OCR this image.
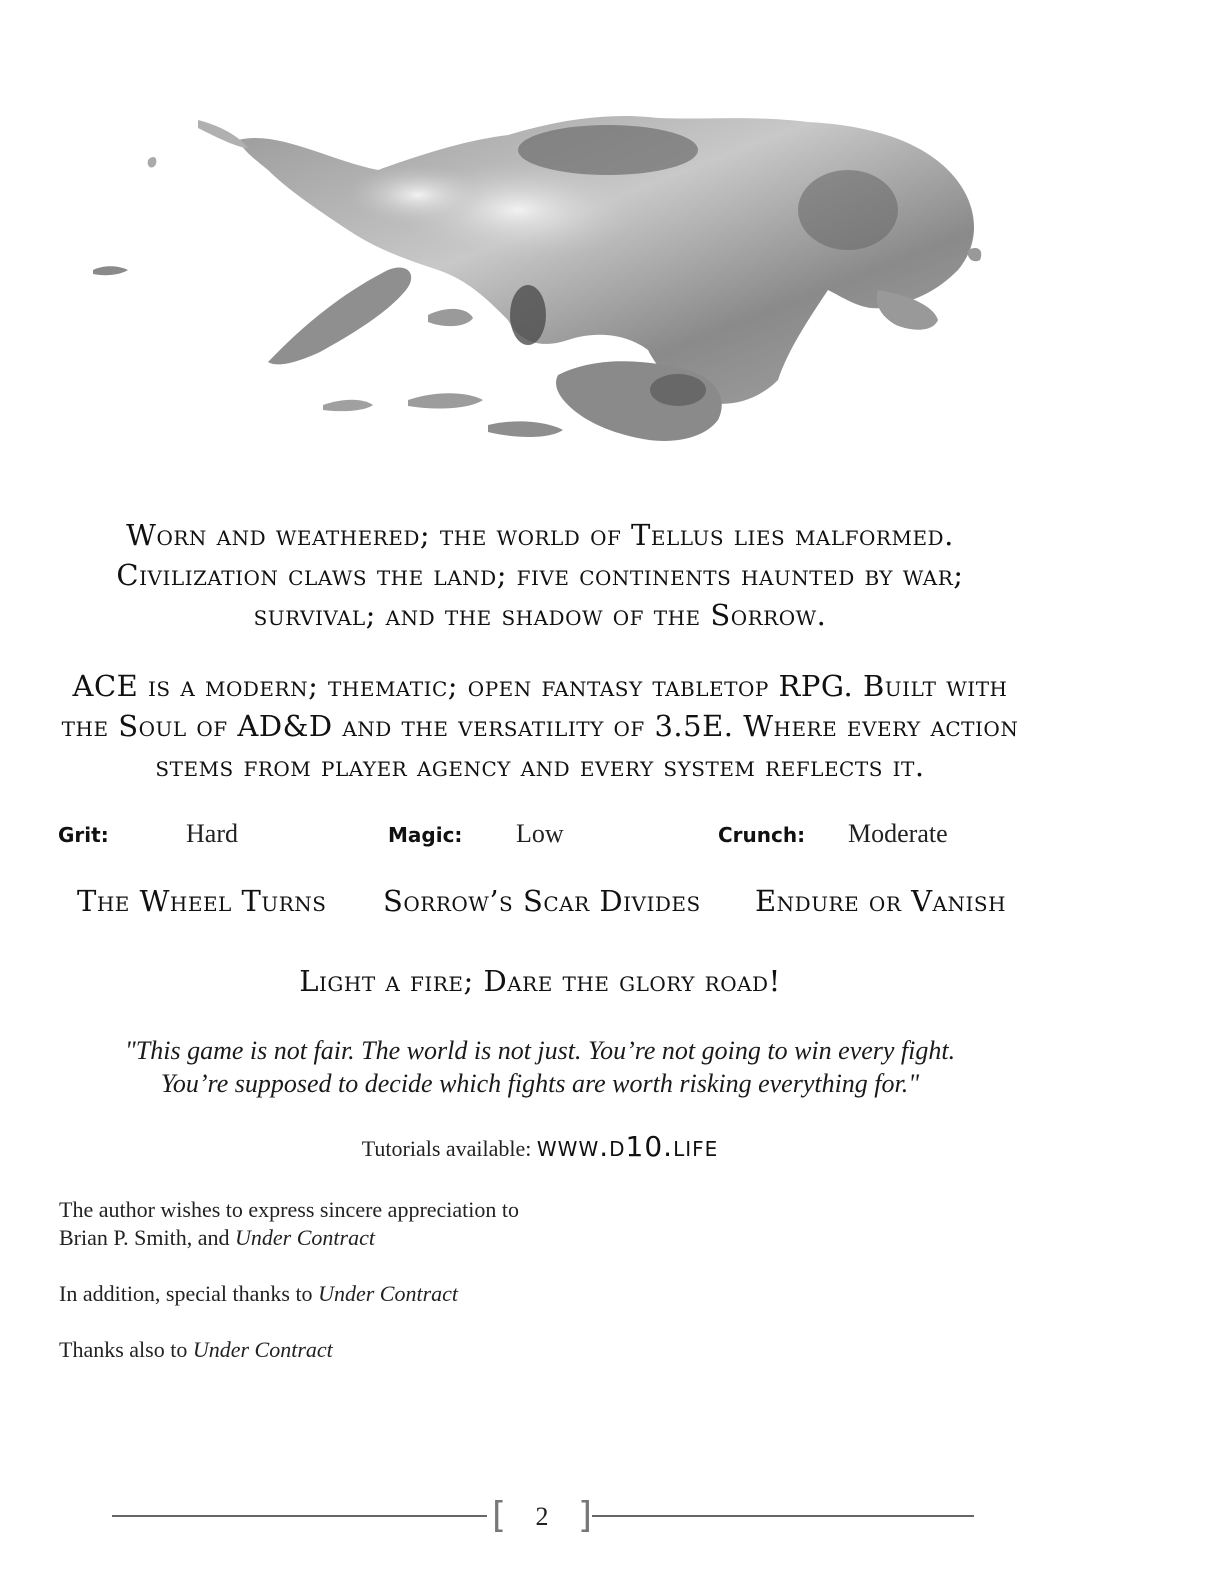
Worn and weathered; the world of Tellus lies malformed.
Civilization claws the land; five continents haunted by war;
survival; and the shadow of the Sorrow.
ACE is a modern; thematic; open fantasy tabletop RPG. Built with
the Soul of AD&D and the versatility of 3.5E. Where every action
stems from player agency and every system reflects it.
Grit:	Hard	Magic: Low	Crunch: Moderate
The Wheel Turns Sorrow’s Scar Divides Endure or Vanish
Light a fire; Dare the glory road!
"This game is not fair. The world is not just. You’re not going to win every fight.
You’re supposed to decide which fights are worth risking everything for."
Tutorials available: www.d10.life

The author wishes to express sincere appreciation to
Brian P. Smith, and Under Contract

In addition, special thanks to Under Contract

Thanks also to Under Contract

[	2 ]
